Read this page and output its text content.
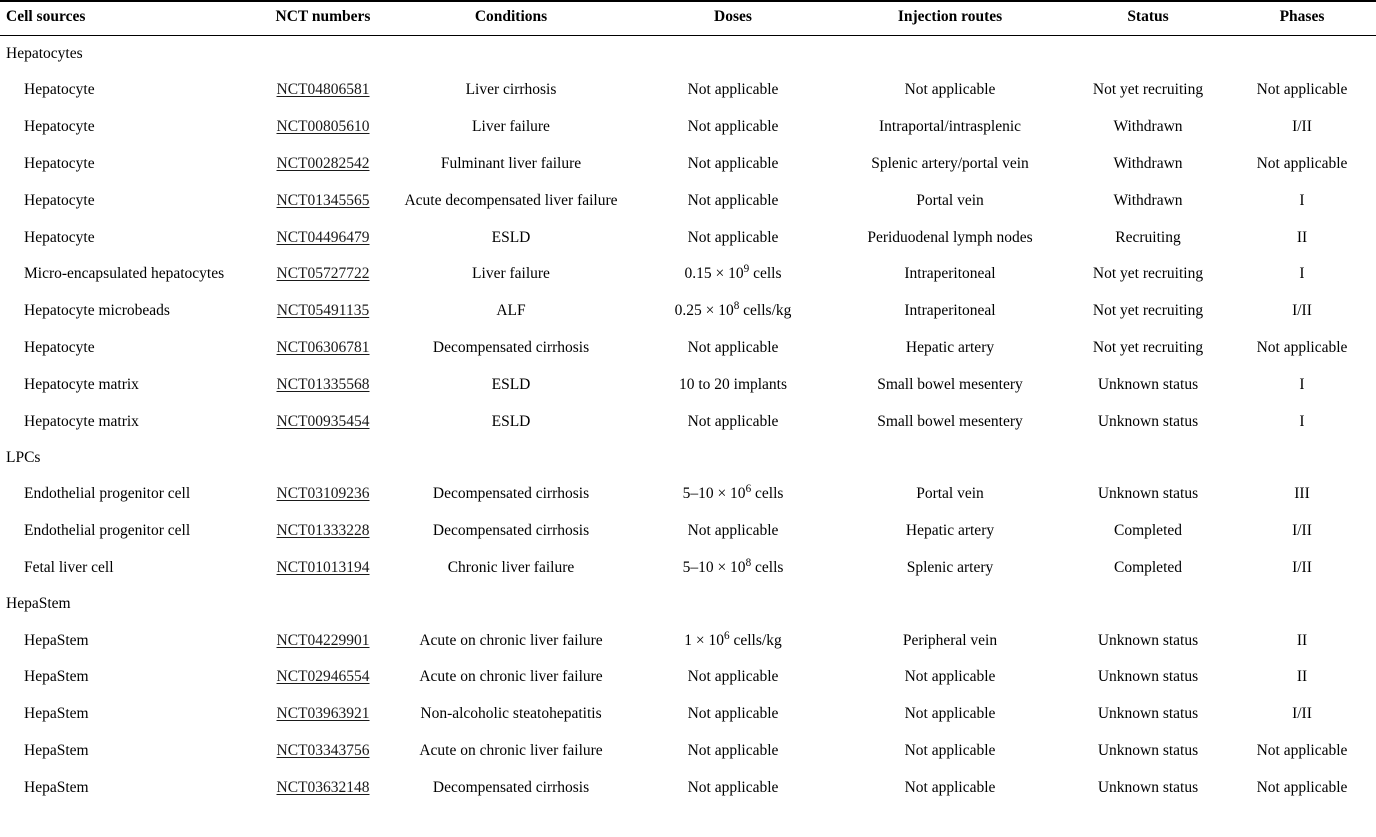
Cell sources	NCT numbers	Conditions	Doses	Injection routes	Status	Phases
Hepatocytes						
Hepatocyte	NCT04806581	Liver cirrhosis	Not applicable	Not applicable	Not yet recruiting	Not applicable
Hepatocyte	NCT00805610	Liver failure	Not applicable	Intraportal/intrasplenic	Withdrawn	I/II
Hepatocyte	NCT00282542	Fulminant liver failure	Not applicable	Splenic artery/portal vein	Withdrawn	Not applicable
Hepatocyte	NCT01345565	Acute decompensated liver failure	Not applicable	Portal vein	Withdrawn	I
Hepatocyte	NCT04496479	ESLD	Not applicable	Periduodenal lymph nodes	Recruiting	II
Micro-encapsulated hepatocytes	NCT05727722	Liver failure	$0.15 \times 10^9$ cells	Intraperitoneal	Not yet recruiting	I
Hepatocyte microbeads	NCT05491135	ALF	$0.25 \times 10^8$ cells/kg	Intraperitoneal	Not yet recruiting	I/II
Hepatocyte	NCT06306781	Decompensated cirrhosis	Not applicable	Hepatic artery	Not yet recruiting	Not applicable
Hepatocyte matrix	NCT01335568	ESLD	10 to 20 implants	Small bowel mesentery	Unknown status	I
Hepatocyte matrix	NCT00935454	ESLD	Not applicable	Small bowel mesentery	Unknown status	I
LPCs						
Endothelial progenitor cell	NCT03109236	Decompensated cirrhosis	$5-10 \times 10^6$ cells	Portal vein	Unknown status	III
Endothelial progenitor cell	NCT01333228	Decompensated cirrhosis	Not applicable	Hepatic artery	Completed	I/II
Fetal liver cell	NCT01013194	Chronic liver failure	$5-10 \times 10^8$ cells	Splenic artery	Completed	I/II
HepaStem						
HepaStem	NCT04229901	Acute on chronic liver failure	$1 \times 10^6$ cells/kg	Peripheral vein	Unknown status	II
HepaStem	NCT02946554	Acute on chronic liver failure	Not applicable	Not applicable	Unknown status	II
HepaStem	NCT03963921	Non-alcoholic steatohepatitis	Not applicable	Not applicable	Unknown status	I/II
HepaStem	NCT03343756	Acute on chronic liver failure	Not applicable	Not applicable	Unknown status	Not applicable
HepaStem	NCT03632148	Decompensated cirrhosis	Not applicable	Not applicable	Unknown status	Not applicable
